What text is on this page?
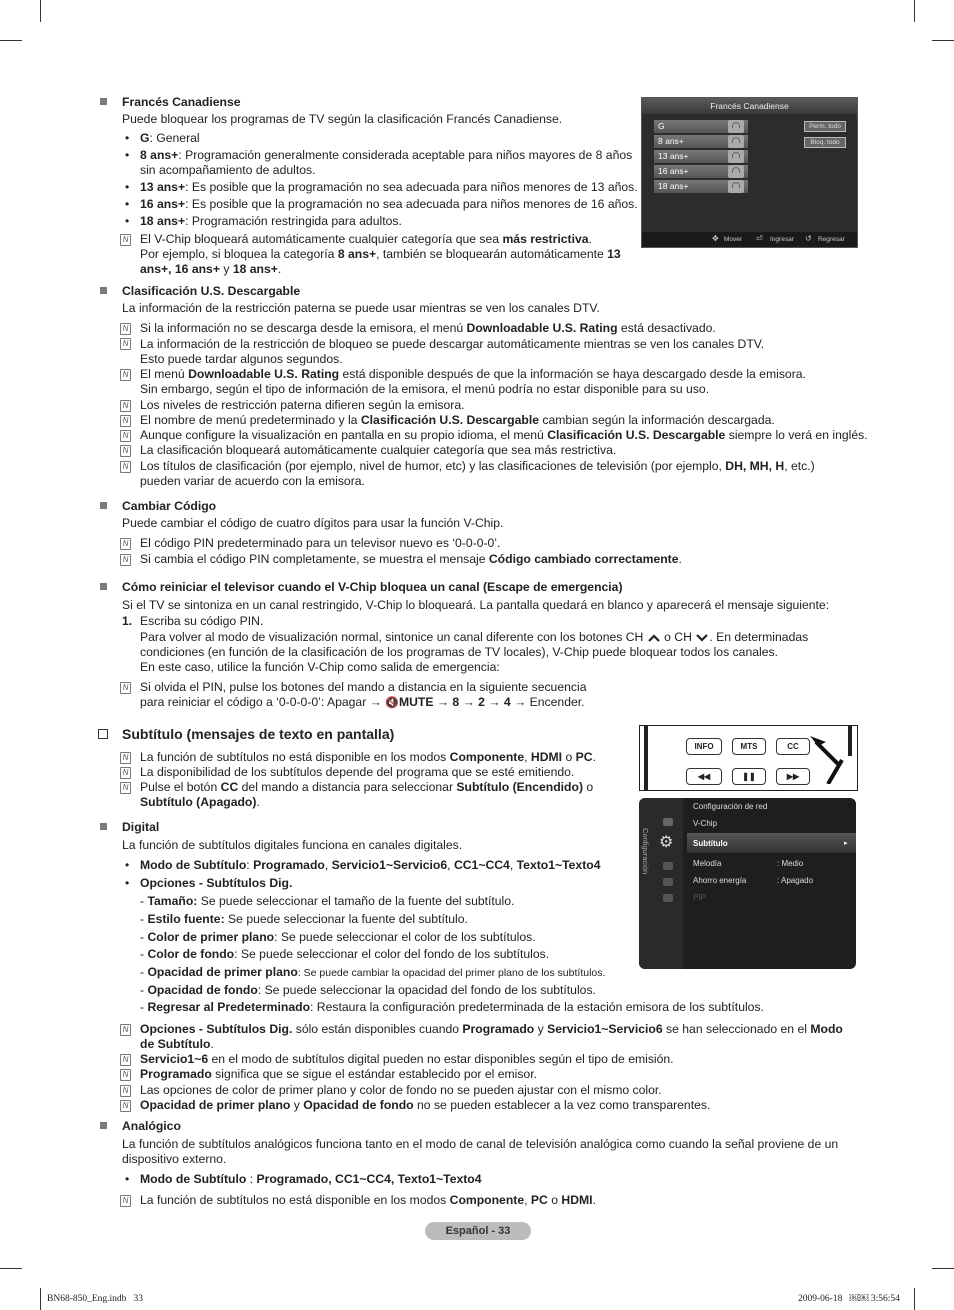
Francés Canadiense
Puede bloquear los programas de TV según la clasificación Francés Canadiense.
• G: General
• 8 ans+: Programación generalmente considerada aceptable para niños mayores de 8 años
sin acompañamiento de adultos.
• 13 ans+: Es posible que la programación no sea adecuada para niños menores de 13 años.
• 16 ans+: Es posible que la programación no sea adecuada para niños menores de 16 años.
• 18 ans+: Programación restringida para adultos.
N
El V-Chip bloqueará automáticamente cualquier categoría que sea más restrictiva.
Por ejemplo, si bloquea la categoría 8 ans+, también se bloquearán automáticamente 13
ans+, 16 ans+ y 18 ans+.
Francés Canadiense
G
8 ans+
13 ans+
16 ans+
18 ans+
Perm. todo
Bloq. todo
✥ Mover ⏎ Ingresar ↺ Regresar
Clasificación U.S. Descargable
La información de la restricción paterna se puede usar mientras se ven los canales DTV.
N
Si la información no se descarga desde la emisora, el menú Downloadable U.S. Rating está desactivado.
N
La información de la restricción de bloqueo se puede descargar automáticamente mientras se ven los canales DTV.
Esto puede tardar algunos segundos.
N
El menú Downloadable U.S. Rating está disponible después de que la información se haya descargado desde la emisora.
Sin embargo, según el tipo de información de la emisora, el menú podría no estar disponible para su uso.
N
Los niveles de restricción paterna difieren según la emisora.
N
El nombre de menú predeterminado y la Clasificación U.S. Descargable cambian según la información descargada.
N
Aunque configure la visualización en pantalla en su propio idioma, el menú Clasificación U.S. Descargable siempre lo verá en inglés.
N
La clasificación bloqueará automáticamente cualquier categoría que sea más restrictiva.
N
Los títulos de clasificación (por ejemplo, nivel de humor, etc) y las clasificaciones de televisión (por ejemplo, DH, MH, H, etc.)
pueden variar de acuerdo con la emisora.
Cambiar Código
Puede cambiar el código de cuatro dígitos para usar la función V-Chip.
N
El código PIN predeterminado para un televisor nuevo es ‘0-0-0-0’.
N
Si cambia el código PIN completamente, se muestra el mensaje Código cambiado correctamente.
Cómo reiniciar el televisor cuando el V-Chip bloquea un canal (Escape de emergencia)
Si el TV se sintoniza en un canal restringido, V-Chip lo bloqueará. La pantalla quedará en blanco y aparecerá el mensaje siguiente:
1. Escriba su código PIN.
Para volver al modo de visualización normal, sintonice un canal diferente con los botones CH o CH . En determinadas
condiciones (en función de la clasificación de los programas de TV locales), V-Chip puede bloquear todos los canales.
En este caso, utilice la función V-Chip como salida de emergencia:
N
Si olvida el PIN, pulse los botones del mando a distancia en la siguiente secuencia
para reiniciar el código a ‘0-0-0-0’: Apagar → 🔇MUTE → 8 → 2 → 4 → Encender.
Subtítulo (mensajes de texto en pantalla)
N
La función de subtítulos no está disponible en los modos Componente, HDMI o PC.
N
La disponibilidad de los subtítulos depende del programa que se esté emitiendo.
N
Pulse el botón CC del mando a distancia para seleccionar Subtítulo (Encendido) o
Subtítulo (Apagado).
INFO	MTS	CC
◀◀	❚❚	▶▶
Configuración ⚙
Configuración de red
V-Chip
Subtítulo	▸
Melodía	: Medio
Ahorro energía	: Apagado
PIP
Digital
La función de subtítulos digitales funciona en canales digitales.
• Modo de Subtítulo: Programado, Servicio1~Servicio6, CC1~CC4, Texto1~Texto4
• Opciones - Subtítulos Dig.
- Tamaño: Se puede seleccionar el tamaño de la fuente del subtítulo.
- Estilo fuente: Se puede seleccionar la fuente del subtítulo.
- Color de primer plano: Se puede seleccionar el color de los subtítulos.
- Color de fondo: Se puede seleccionar el color del fondo de los subtítulos.
- Opacidad de primer plano: Se puede cambiar la opacidad del primer plano de los subtítulos.
- Opacidad de fondo: Se puede seleccionar la opacidad del fondo de los subtítulos.
- Regresar al Predeterminado: Restaura la configuración predeterminada de la estación emisora de los subtítulos.
N
Opciones - Subtítulos Dig. sólo están disponibles cuando Programado y Servicio1~Servicio6 se han seleccionado en el Modo
de Subtítulo.
N
Servicio1~6 en el modo de subtítulos digital pueden no estar disponibles según el tipo de emisión.
N
Programado significa que se sigue el estándar establecido por el emisor.
N
Las opciones de color de primer plano y color de fondo no se pueden ajustar con el mismo color.
N
Opacidad de primer plano y Opacidad de fondo no se pueden establecer a la vez como transparentes.
Analógico
La función de subtítulos analógicos funciona tanto en el modo de canal de televisión analógica como cuando la señal proviene de un
dispositivo externo.
• Modo de Subtítulo : Programado, CC1~CC4, Texto1~Texto4
N
La función de subtítulos no está disponible en los modos Componente, PC o HDMI.
Español - 33
BN68-850_Eng.indb   33	2009-06-18   ￼￼ 3:56:54
